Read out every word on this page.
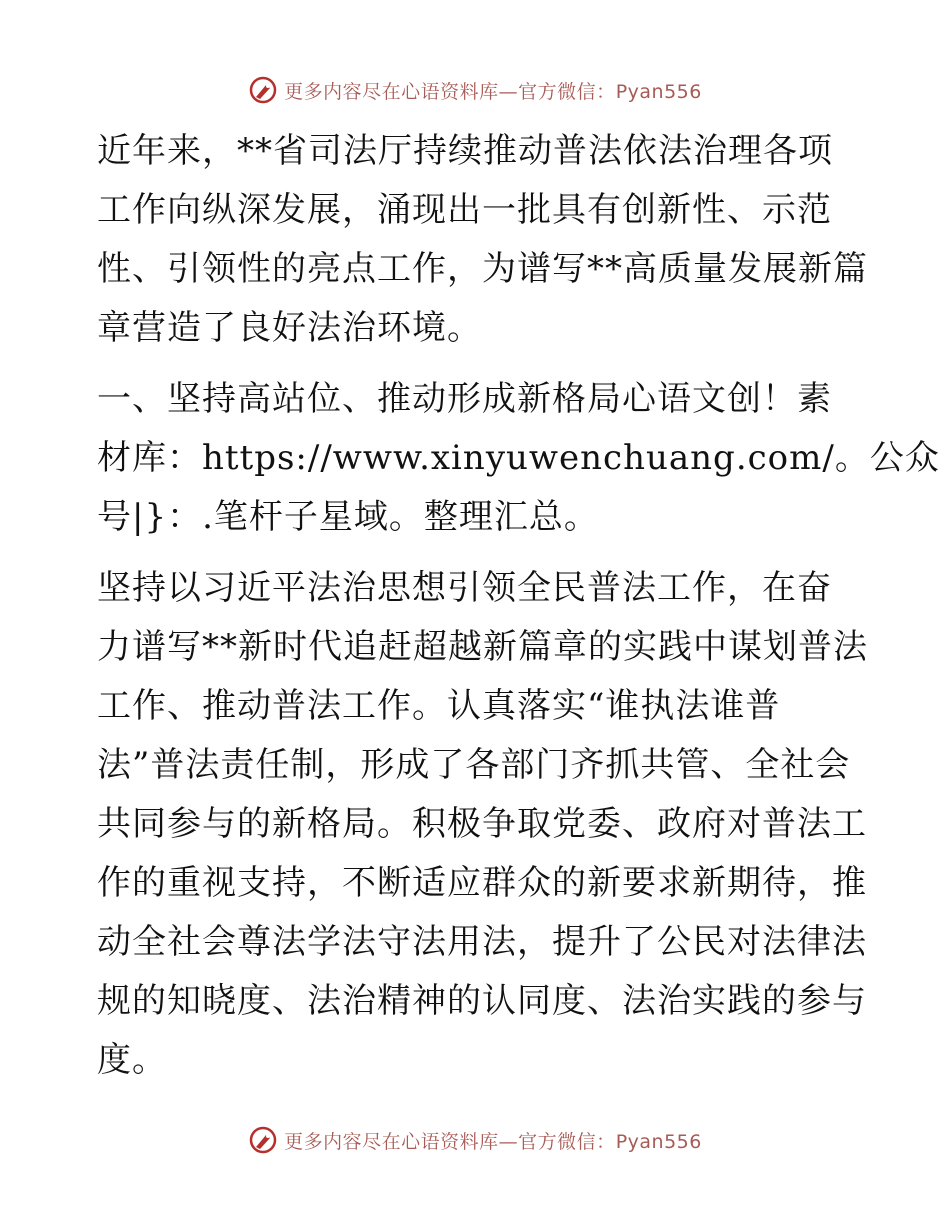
更多内容尽在心语资料库—官方微信：Pyan556
近年来，**省司法厅持续推动普法依法治理各项
工作向纵深发展，涌现出一批具有创新性、示范
性、引领性的亮点工作，为谱写**高质量发展新篇
章营造了良好法治环境。
一、坚持高站位、推动形成新格局心语文创！素
材库：https://www.xinyuwenchuang.com/。公众
号|}：.笔杆子星域。整理汇总。
坚持以习近平法治思想引领全民普法工作，在奋
力谱写**新时代追赶超越新篇章的实践中谋划普法
工作、推动普法工作。认真落实“谁执法谁普
法”普法责任制，形成了各部门齐抓共管、全社会
共同参与的新格局。积极争取党委、政府对普法工
作的重视支持，不断适应群众的新要求新期待，推
动全社会尊法学法守法用法，提升了公民对法律法
规的知晓度、法治精神的认同度、法治实践的参与
度。
更多内容尽在心语资料库—官方微信：Pyan556
